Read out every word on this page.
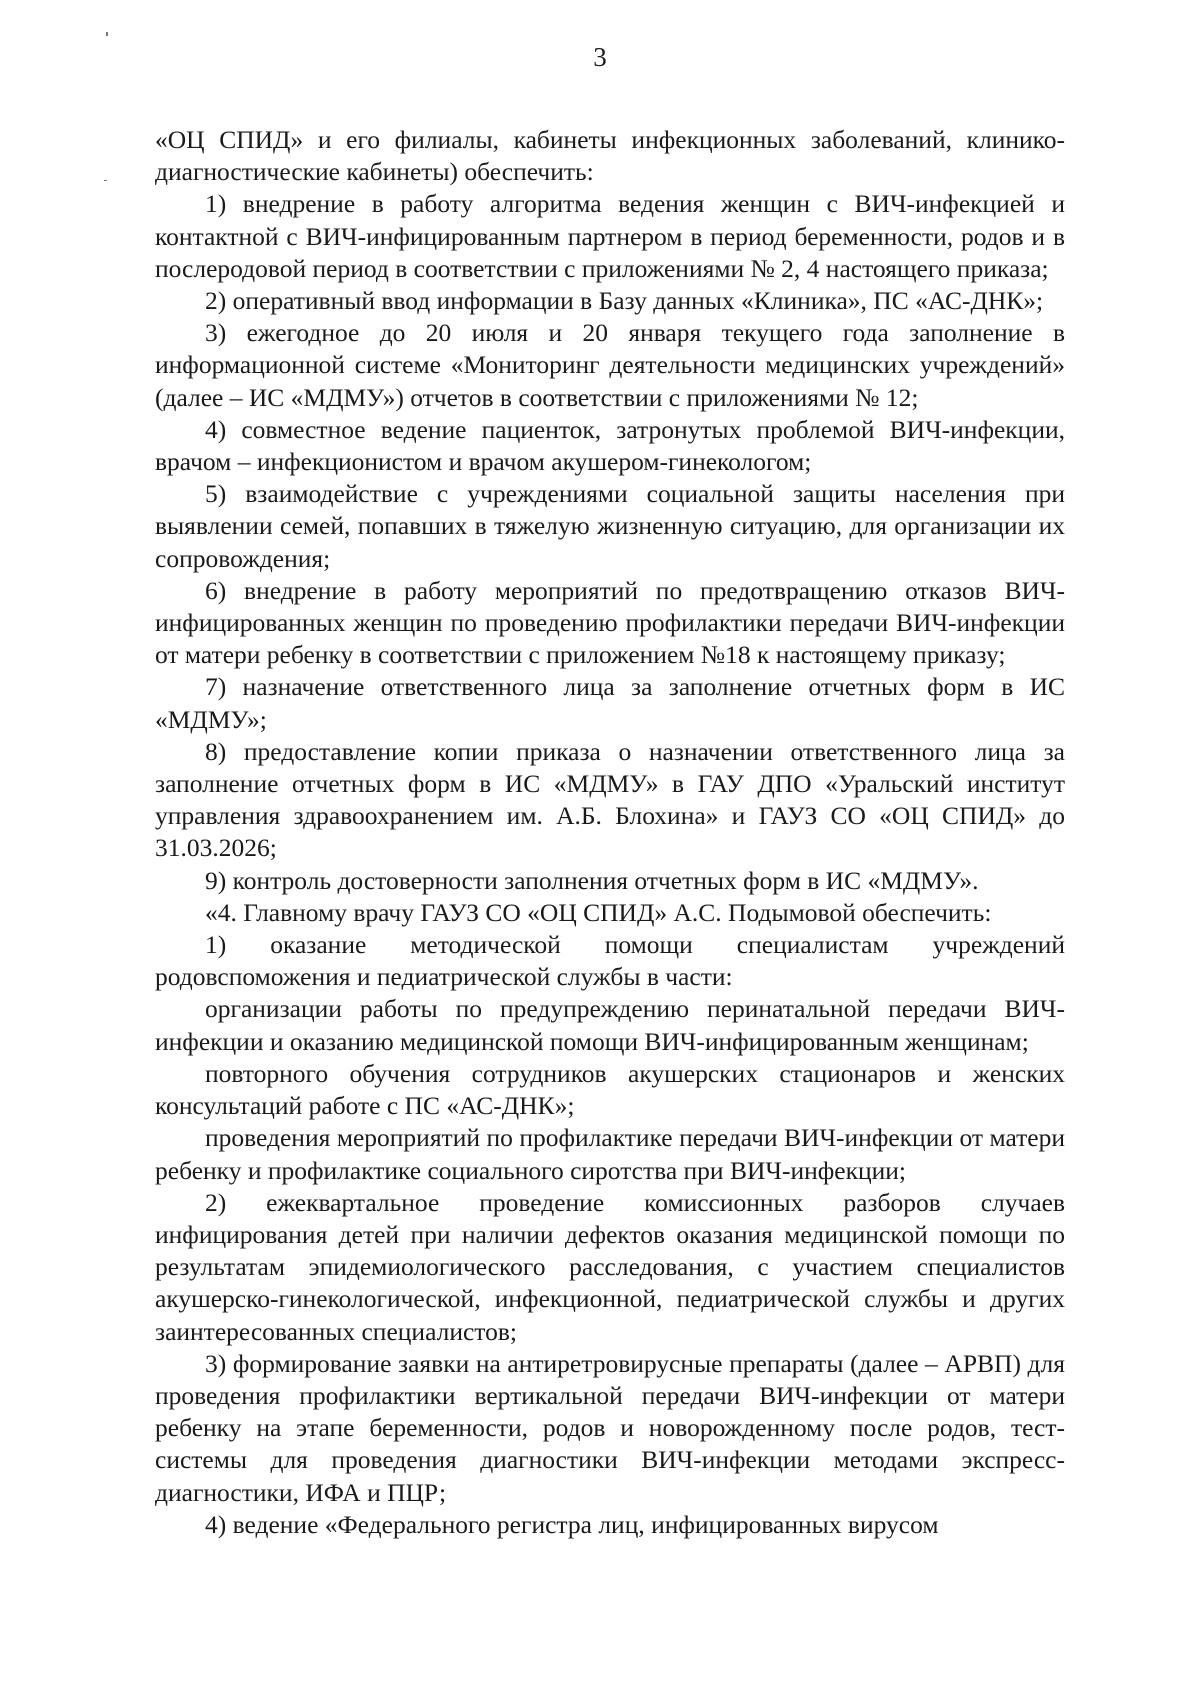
3

«ОЦ СПИД» и его филиалы, кабинеты инфекционных заболеваний, клинико-диагностические кабинеты) обеспечить:

1) внедрение в работу алгоритма ведения женщин с ВИЧ-инфекцией и контактной с ВИЧ-инфицированным партнером в период беременности, родов и в послеродовой период в соответствии с приложениями № 2, 4 настоящего приказа;

2) оперативный ввод информации в Базу данных «Клиника», ПС «АС-ДНК»;

3) ежегодное до 20 июля и 20 января текущего года заполнение в информационной системе «Мониторинг деятельности медицинских учреждений» (далее – ИС «МДМУ») отчетов в соответствии с приложениями № 12;

4) совместное ведение пациенток, затронутых проблемой ВИЧ-инфекции, врачом – инфекционистом и врачом акушером-гинекологом;

5) взаимодействие с учреждениями социальной защиты населения при выявлении семей, попавших в тяжелую жизненную ситуацию, для организации их сопровождения;

6) внедрение в работу мероприятий по предотвращению отказов ВИЧ-инфицированных женщин по проведению профилактики передачи ВИЧ-инфекции от матери ребенку в соответствии с приложением №18 к настоящему приказу;

7) назначение ответственного лица за заполнение отчетных форм в ИС «МДМУ»;

8) предоставление копии приказа о назначении ответственного лица за заполнение отчетных форм в ИС «МДМУ» в ГАУ ДПО «Уральский институт управления здравоохранением им. А.Б. Блохина» и ГАУЗ СО «ОЦ СПИД» до 31.03.2026;

9) контроль достоверности заполнения отчетных форм в ИС «МДМУ».

«4. Главному врачу ГАУЗ СО «ОЦ СПИД» А.С. Подымовой обеспечить:

1) оказание методической помощи специалистам учреждений родовспоможения и педиатрической службы в части:

организации работы по предупреждению перинатальной передачи ВИЧ-инфекции и оказанию медицинской помощи ВИЧ-инфицированным женщинам;

повторного обучения сотрудников акушерских стационаров и женских консультаций работе с ПС «АС-ДНК»;

проведения мероприятий по профилактике передачи ВИЧ-инфекции от матери ребенку и профилактике социального сиротства при ВИЧ-инфекции;

2) ежеквартальное проведение комиссионных разборов случаев инфицирования детей при наличии дефектов оказания медицинской помощи по результатам эпидемиологического расследования, с участием специалистов акушерско-гинекологической, инфекционной, педиатрической службы и других заинтересованных специалистов;

3) формирование заявки на антиретровирусные препараты (далее – АРВП) для проведения профилактики вертикальной передачи ВИЧ-инфекции от матери ребенку на этапе беременности, родов и новорожденному после родов, тест-системы для проведения диагностики ВИЧ-инфекции методами экспресс-диагностики, ИФА и ПЦР;

4) ведение «Федерального регистра лиц, инфицированных вирусом
